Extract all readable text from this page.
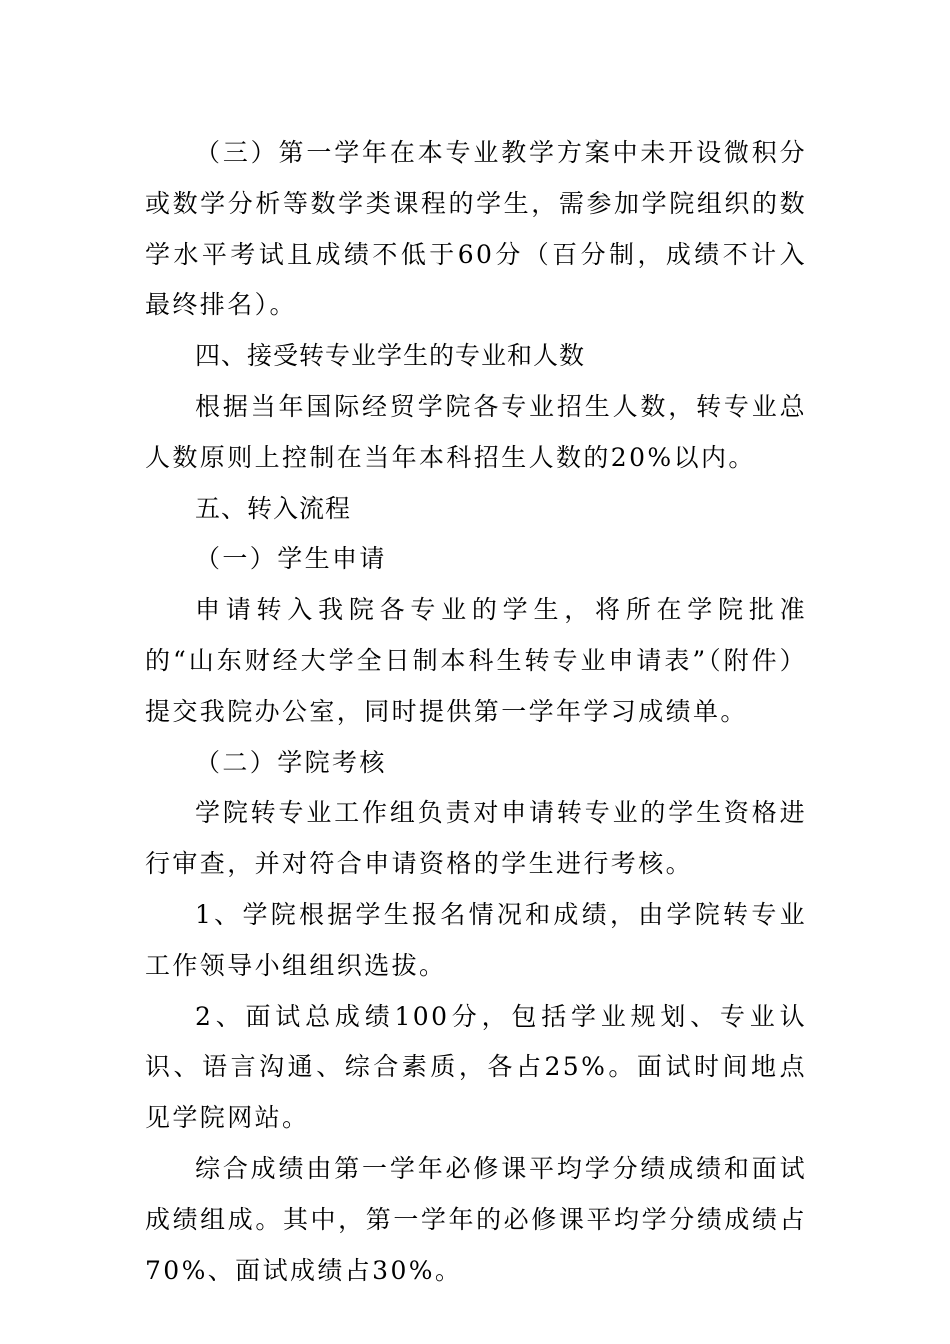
（三）第一学年在本专业教学方案中未开设微积分或数学分析等数学类课程的学生，需参加学院组织的数学水平考试且成绩不低于60分（百分制，成绩不计入最终排名）。

四、接受转专业学生的专业和人数

根据当年国际经贸学院各专业招生人数，转专业总人数原则上控制在当年本科招生人数的20%以内。

五、转入流程

（一）学生申请

申请转入我院各专业的学生，将所在学院批准的“山东财经大学全日制本科生转专业申请表”（附件）提交我院办公室，同时提供第一学年学习成绩单。

（二）学院考核

学院转专业工作组负责对申请转专业的学生资格进行审查，并对符合申请资格的学生进行考核。

1、学院根据学生报名情况和成绩，由学院转专业工作领导小组组织选拔。

2、面试总成绩100分，包括学业规划、专业认识、语言沟通、综合素质，各占25%。面试时间地点见学院网站。

综合成绩由第一学年必修课平均学分绩成绩和面试成绩组成。其中，第一学年的必修课平均学分绩成绩占70%、面试成绩占30%。
